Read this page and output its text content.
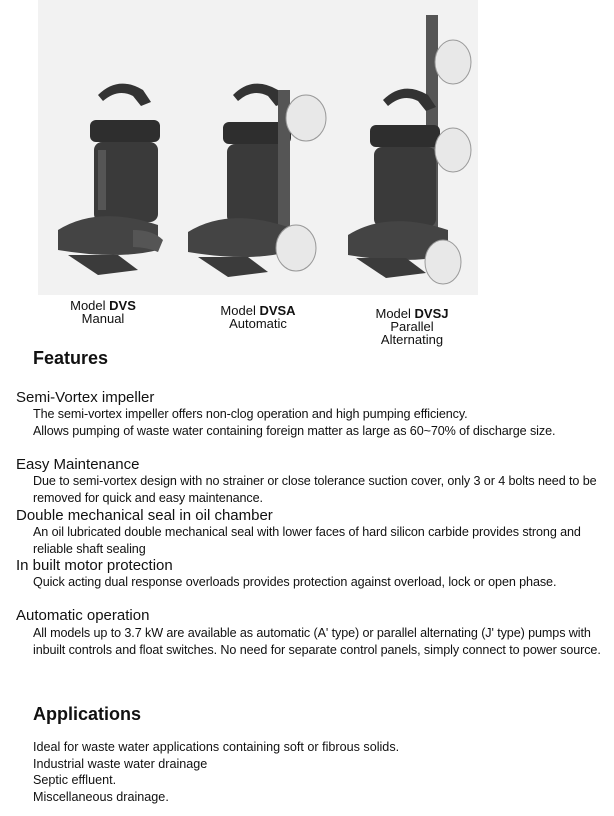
Model DVS
Manual
Model DVSA
Automatic
Model DVSJ
Parallel
Alternating
Features
Semi-Vortex impeller

The semi-vortex impeller offers non-clog operation and high pumping efficiency.

Allows pumping of waste water containing foreign matter as large as 60~70% of discharge size.

Easy Maintenance

Due to semi-vortex design with no strainer or close tolerance suction cover, only 3 or 4 bolts need to be removed for quick and easy maintenance.

Double mechanical seal in oil chamber

An oil lubricated double mechanical seal with lower faces of hard silicon carbide provides strong and reliable shaft sealing

In built motor protection

Quick acting dual response overloads provides protection against overload, lock or open phase.

Automatic operation

All models up to 3.7 kW are available as automatic (A' type) or parallel alternating (J' type) pumps with inbuilt controls and float switches. No need for separate control panels, simply connect to power source.

Applications
Ideal for waste water applications containing soft or fibrous solids.
Industrial waste water drainage
Septic effluent.
Miscellaneous drainage.
